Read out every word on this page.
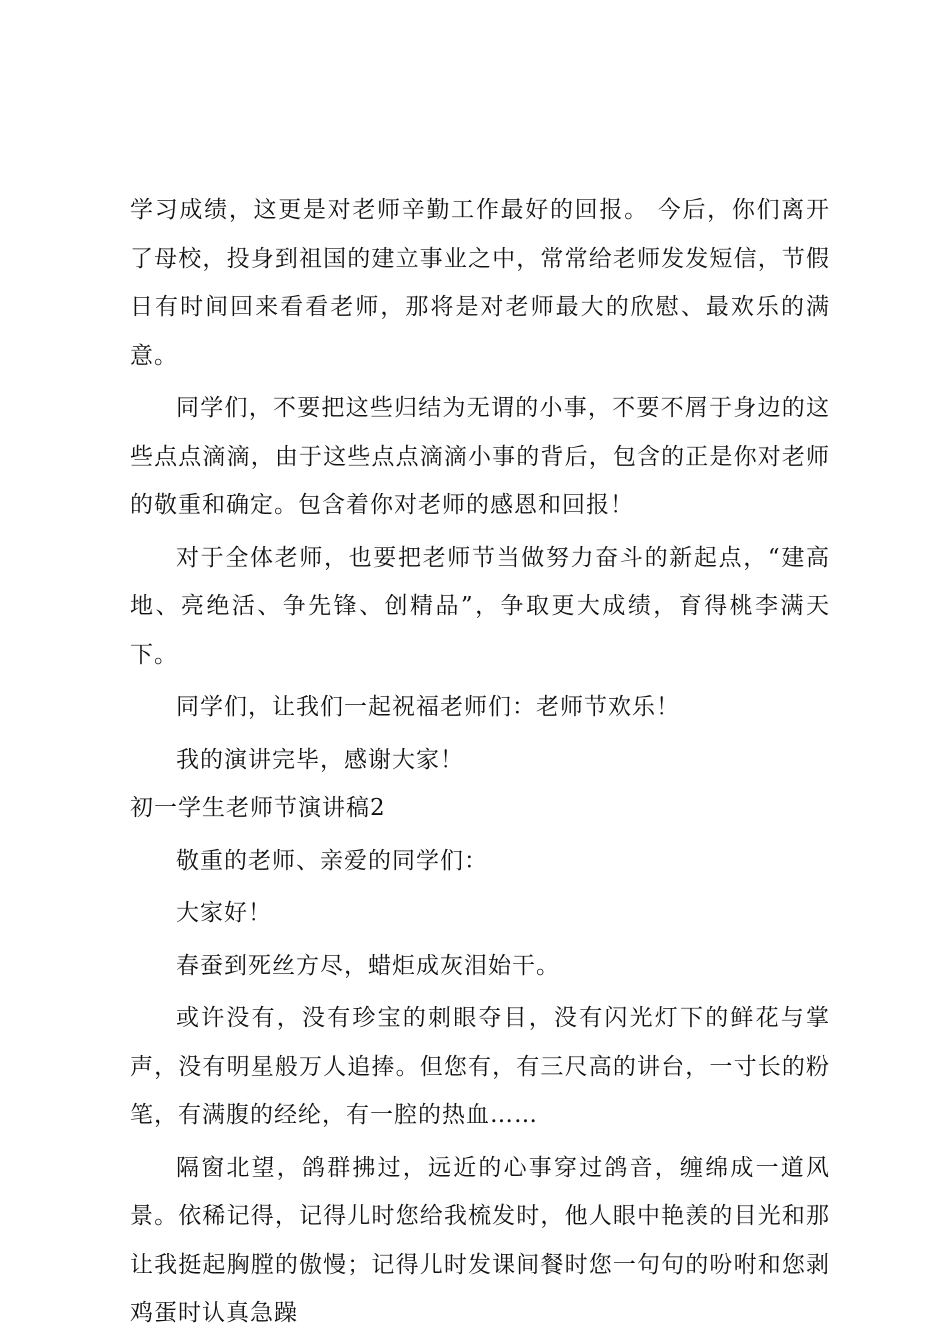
学习成绩，这更是对老师辛勤工作最好的回报。 今后，你们离开了母校，投身到祖国的建立事业之中，常常给老师发发短信，节假日有时间回来看看老师，那将是对老师最大的欣慰、最欢乐的满意。

同学们，不要把这些归结为无谓的小事，不要不屑于身边的这些点点滴滴，由于这些点点滴滴小事的背后，包含的正是你对老师的敬重和确定。包含着你对老师的感恩和回报！

对于全体老师，也要把老师节当做努力奋斗的新起点，“建高地、亮绝活、争先锋、创精品”，争取更大成绩，育得桃李满天下。

同学们，让我们一起祝福老师们：老师节欢乐！

我的演讲完毕，感谢大家！

初一学生老师节演讲稿2

敬重的老师、亲爱的同学们：

大家好！

春蚕到死丝方尽，蜡炬成灰泪始干。

或许没有，没有珍宝的刺眼夺目，没有闪光灯下的鲜花与掌声，没有明星般万人追捧。但您有，有三尺高的讲台，一寸长的粉笔，有满腹的经纶，有一腔的热血……

隔窗北望，鸽群拂过，远近的心事穿过鸽音，缠绵成一道风景。依稀记得，记得儿时您给我梳发时，他人眼中艳羡的目光和那让我挺起胸膛的傲慢；记得儿时发课间餐时您一句句的吩咐和您剥鸡蛋时认真急躁
